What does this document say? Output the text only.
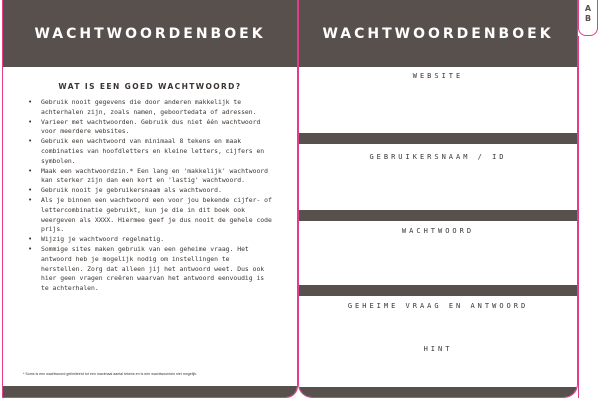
WACHTWOORDENBOEK
WAT IS EEN GOED WACHTWOORD?
• Gebruik nooit gegevens die door anderen makkelijk te achterhalen zijn, zoals namen, geboortedata of adressen.
• Varieer met wachtwoorden. Gebruik dus niet één wachtwoord voor meerdere websites.
• Gebruik een wachtwoord van minimaal 8 tekens en maak combinaties van hoofdletters en kleine letters, cijfers en symbolen.
• Maak een wachtwoordzin.* Een lang en 'makkelijk' wachtwoord kan sterker zijn dan een kort en 'lastig' wachtwoord.
• Gebruik nooit je gebruikersnaam als wachtwoord.
• Als je binnen een wachtwoord een voor jou bekende cijfer- of lettercombinatie gebruikt, kun je die in dit boek ook weergeven als XXXX. Hiermee geef je dus nooit de gehele code prijs.
• Wijzig je wachtwoord regelmatig.
• Sommige sites maken gebruik van een geheime vraag. Het antwoord heb je mogelijk nodig om instellingen te herstellen. Zorg dat alleen jij het antwoord weet. Dus ook hier geen vragen creëren waarvan het antwoord eenvoudig is te achterhalen.
* Soms is een wachtwoord gelimiteerd tot een maximaal aantal tekens en is een wachtwoordzin niet mogelijk.
WACHTWOORDENBOEK
WEBSITE
GEBRUIKERSNAAM / ID
WACHTWOORD
GEHEIME VRAAG EN ANTWOORD
HINT
A
B
